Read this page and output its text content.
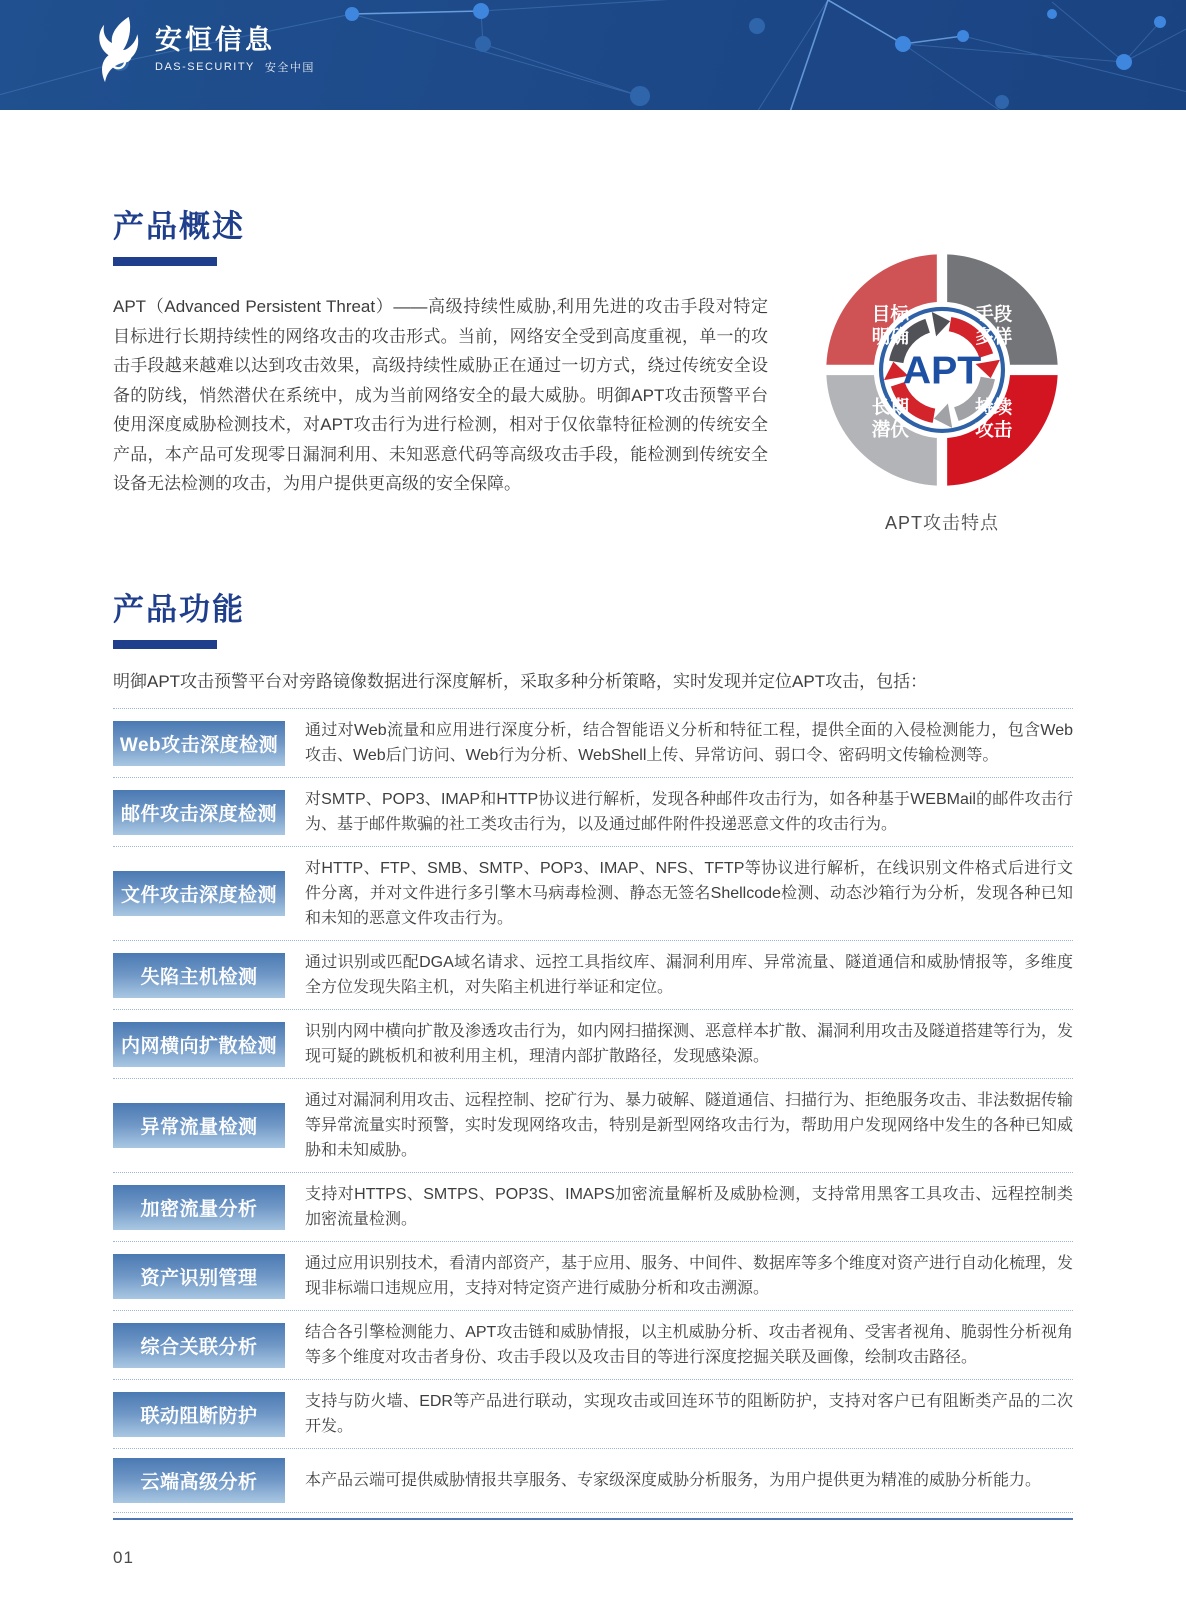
安恒信息
DAS-SECURITY 安全中国
产品概述

APT（Advanced Persistent Threat）——高级持续性威胁,利用先进的攻击手段对特定目标进行长期持续性的网络攻击的攻击形式。当前，网络安全受到高度重视，单一的攻击手段越来越难以达到攻击效果，高级持续性威胁正在通过一切方式，绕过传统安全设备的防线，悄然潜伏在系统中，成为当前网络安全的最大威胁。明御APT攻击预警平台使用深度威胁检测技术，对APT攻击行为进行检测，相对于仅依靠特征检测的传统安全产品，本产品可发现零日漏洞利用、未知恶意代码等高级攻击手段，能检测到传统安全设备无法检测的攻击，为用户提供更高级的安全保障。

APT
目标
明确
手段
多样
长期
潜伏
持续
攻击
APT攻击特点
产品功能

明御APT攻击预警平台对旁路镜像数据进行深度解析，采取多种分析策略，实时发现并定位APT攻击，包括：

Web攻击深度检测
通过对Web流量和应用进行深度分析，结合智能语义分析和特征工程，提供全面的入侵检测能力，包含Web攻击、Web后门访问、Web行为分析、WebShell上传、异常访问、弱口令、密码明文传输检测等。
邮件攻击深度检测
对SMTP、POP3、IMAP和HTTP协议进行解析，发现各种邮件攻击行为，如各种基于WEBMail的邮件攻击行为、基于邮件欺骗的社工类攻击行为，以及通过邮件附件投递恶意文件的攻击行为。
文件攻击深度检测
对HTTP、FTP、SMB、SMTP、POP3、IMAP、NFS、TFTP等协议进行解析，在线识别文件格式后进行文件分离，并对文件进行多引擎木马病毒检测、静态无签名Shellcode检测、动态沙箱行为分析，发现各种已知和未知的恶意文件攻击行为。
失陷主机检测
通过识别或匹配DGA域名请求、远控工具指纹库、漏洞利用库、异常流量、隧道通信和威胁情报等，多维度全方位发现失陷主机，对失陷主机进行举证和定位。
内网横向扩散检测
识别内网中横向扩散及渗透攻击行为，如内网扫描探测、恶意样本扩散、漏洞利用攻击及隧道搭建等行为，发现可疑的跳板机和被利用主机，理清内部扩散路径，发现感染源。
异常流量检测
通过对漏洞利用攻击、远程控制、挖矿行为、暴力破解、隧道通信、扫描行为、拒绝服务攻击、非法数据传输等异常流量实时预警，实时发现网络攻击，特别是新型网络攻击行为，帮助用户发现网络中发生的各种已知威胁和未知威胁。
加密流量分析
支持对HTTPS、SMTPS、POP3S、IMAPS加密流量解析及威胁检测，支持常用黑客工具攻击、远程控制类加密流量检测。
资产识别管理
通过应用识别技术，看清内部资产，基于应用、服务、中间件、数据库等多个维度对资产进行自动化梳理，发现非标端口违规应用，支持对特定资产进行威胁分析和攻击溯源。
综合关联分析
结合各引擎检测能力、APT攻击链和威胁情报，以主机威胁分析、攻击者视角、受害者视角、脆弱性分析视角等多个维度对攻击者身份、攻击手段以及攻击目的等进行深度挖掘关联及画像，绘制攻击路径。
联动阻断防护
支持与防火墙、EDR等产品进行联动，实现攻击或回连环节的阻断防护，支持对客户已有阻断类产品的二次开发。
云端高级分析	本产品云端可提供威胁情报共享服务、专家级深度威胁分析服务，为用户提供更为精准的威胁分析能力。
01
